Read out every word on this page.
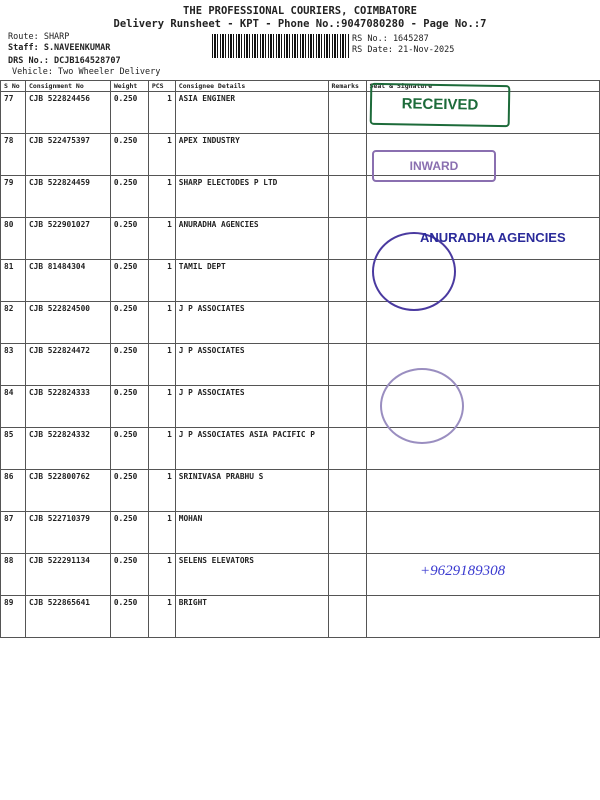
THE PROFESSIONAL COURIERS, COIMBATORE
Delivery Runsheet - KPT - Phone No.:9047080280 - Page No.:7
Route: SHARP
Staff: S.NAVEENKUMAR
DRS No.: DCJB164528707
Vehicle: Two Wheeler Delivery
RS No.: 1645287
RS Date: 21-Nov-2025
S No	Consignment No	Weight	PCS	Consignee Details	Remarks	Seal & Signature
77	CJB 522824456	0.250	1	ASIA ENGINER		
78	CJB 522475397	0.250	1	APEX INDUSTRY		
79	CJB 522824459	0.250	1	SHARP ELECTODES P LTD		
80	CJB 522901027	0.250	1	ANURADHA AGENCIES		
81	CJB 81484304	0.250	1	TAMIL DEPT		
82	CJB 522824500	0.250	1	J P ASSOCIATES		
83	CJB 522824472	0.250	1	J P ASSOCIATES		
84	CJB 522824333	0.250	1	J P ASSOCIATES		
85	CJB 522824332	0.250	1	J P ASSOCIATES ASIA PACIFIC P		
86	CJB 522800762	0.250	1	SRINIVASA PRABHU S		
87	CJB 522710379	0.250	1	MOHAN		
88	CJB 522291134	0.250	1	SELENS ELEVATORS		
89	CJB 522865641	0.250	1	BRIGHT		
RECEIVED
INWARD
ANURADHA AGENCIES
+9629189308
